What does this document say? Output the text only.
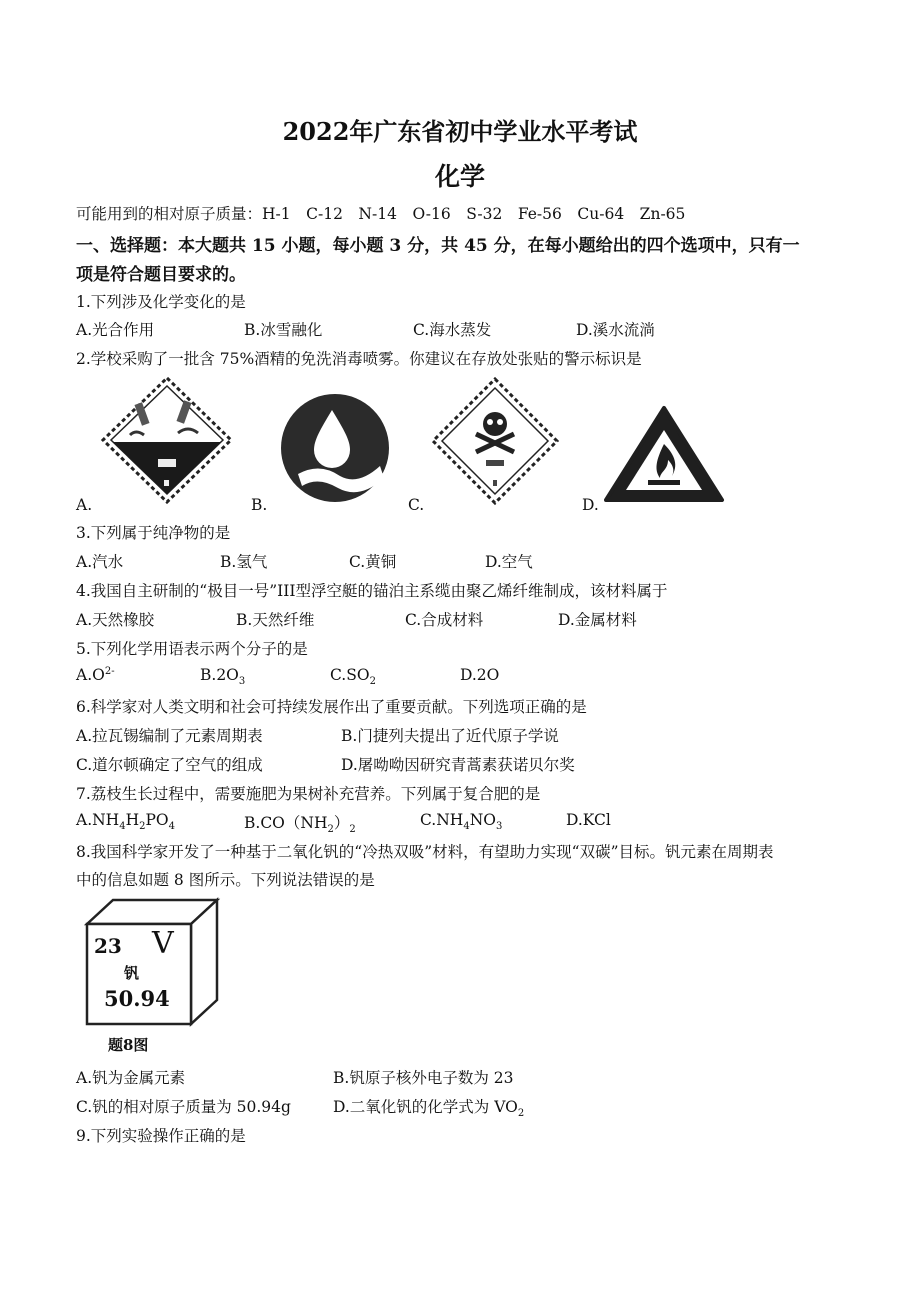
2022年广东省初中学业水平考试
化学
可能用到的相对原子质量：H-1　C-12　N-14　O-16　S-32　Fe-56　Cu-64　Zn-65
一、选择题：本大题共 15 小题，每小题 3 分，共 45 分，在每小题给出的四个选项中，只有一
项是符合题目要求的。
1.下列涉及化学变化的是
A.光合作用	B.冰雪融化	C.海水蒸发	D.溪水流淌
2.学校采购了一批含 75%酒精的免洗消毒喷雾。你建议在存放处张贴的警示标识是
A.	B.	C.	D.
3.下列属于纯净物的是
A.汽水	B.氢气	C.黄铜	D.空气
4.我国自主研制的“极目一号”III型浮空艇的锚泊主系缆由聚乙烯纤维制成，该材料属于
A.天然橡胶	B.天然纤维	C.合成材料	D.金属材料
5.下列化学用语表示两个分子的是
$A.O^{2-}$	$B.2O_3$	$C.SO_2$	D.2O
6.科学家对人类文明和社会可持续发展作出了重要贡献。下列选项正确的是
A.拉瓦锡编制了元素周期表	B.门捷列夫提出了近代原子学说
C.道尔顿确定了空气的组成	D.屠呦呦因研究青蒿素获诺贝尔奖
7.荔枝生长过程中，需要施肥为果树补充营养。下列属于复合肥的是
$A.NH_4H_2PO_4$	$B.CO(NH_2)_2$
$C.NH_4NO_3$	D.KCl
8.我国科学家开发了一种基于二氧化钒的“冷热双吸”材料，有望助力实现“双碳”目标。钒元素在周期表
中的信息如题 8 图所示。下列说法错误的是
23 V
钒
50.94
题8图
A.钒为金属元素	B.钒原子核外电子数为 23
C.钒的相对原子质量为 50.94g	D.二氧化钒的化学式为 $VO_2$
9.下列实验操作正确的是
